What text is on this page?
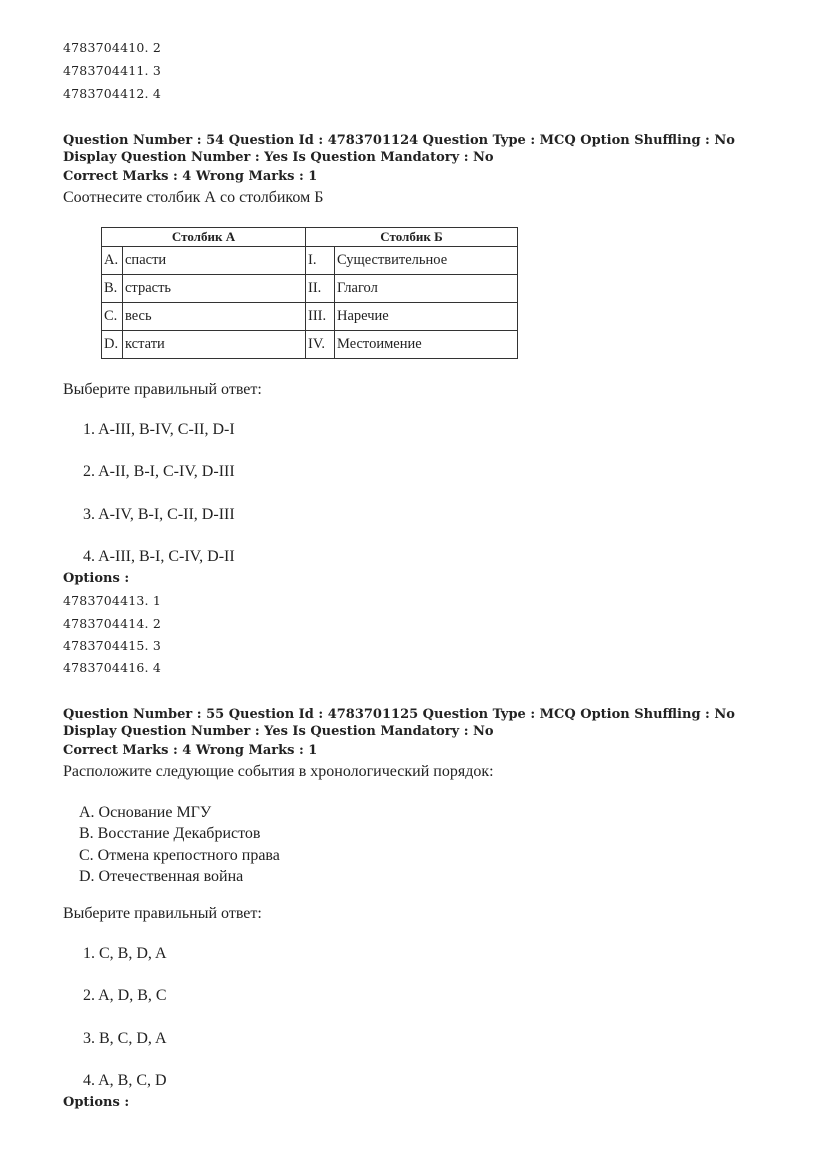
4783704410. 2
4783704411. 3
4783704412. 4
Question Number : 54 Question Id : 4783701124 Question Type : MCQ Option Shuffling : No Display Question Number : Yes Is Question Mandatory : No
Correct Marks : 4 Wrong Marks : 1
Соотнесите столбик А со столбиком Б
Столбик А		Столбик Б	
A.	спасти	I.	Существительное
B.	страсть	II.	Глагол
C.	весь	III.	Наречие
D.	кстати	IV.	Местоимение
Выберите правильный ответ:
1. A-III, B-IV, C-II, D-I
2. A-II, B-I, C-IV, D-III
3. A-IV, B-I, C-II, D-III
4. A-III, B-I, C-IV, D-II
Options :
4783704413. 1
4783704414. 2
4783704415. 3
4783704416. 4
Question Number : 55 Question Id : 4783701125 Question Type : MCQ Option Shuffling : No Display Question Number : Yes Is Question Mandatory : No
Correct Marks : 4 Wrong Marks : 1
Расположите следующие события в хронологический порядок:
A. Основание МГУ
B. Восстание Декабристов
C. Отмена крепостного права
D. Отечественная война
Выберите правильный ответ:
1. C, B, D, A
2. A, D, B, C
3. B, C, D, A
4. A, B, C, D
Options :
